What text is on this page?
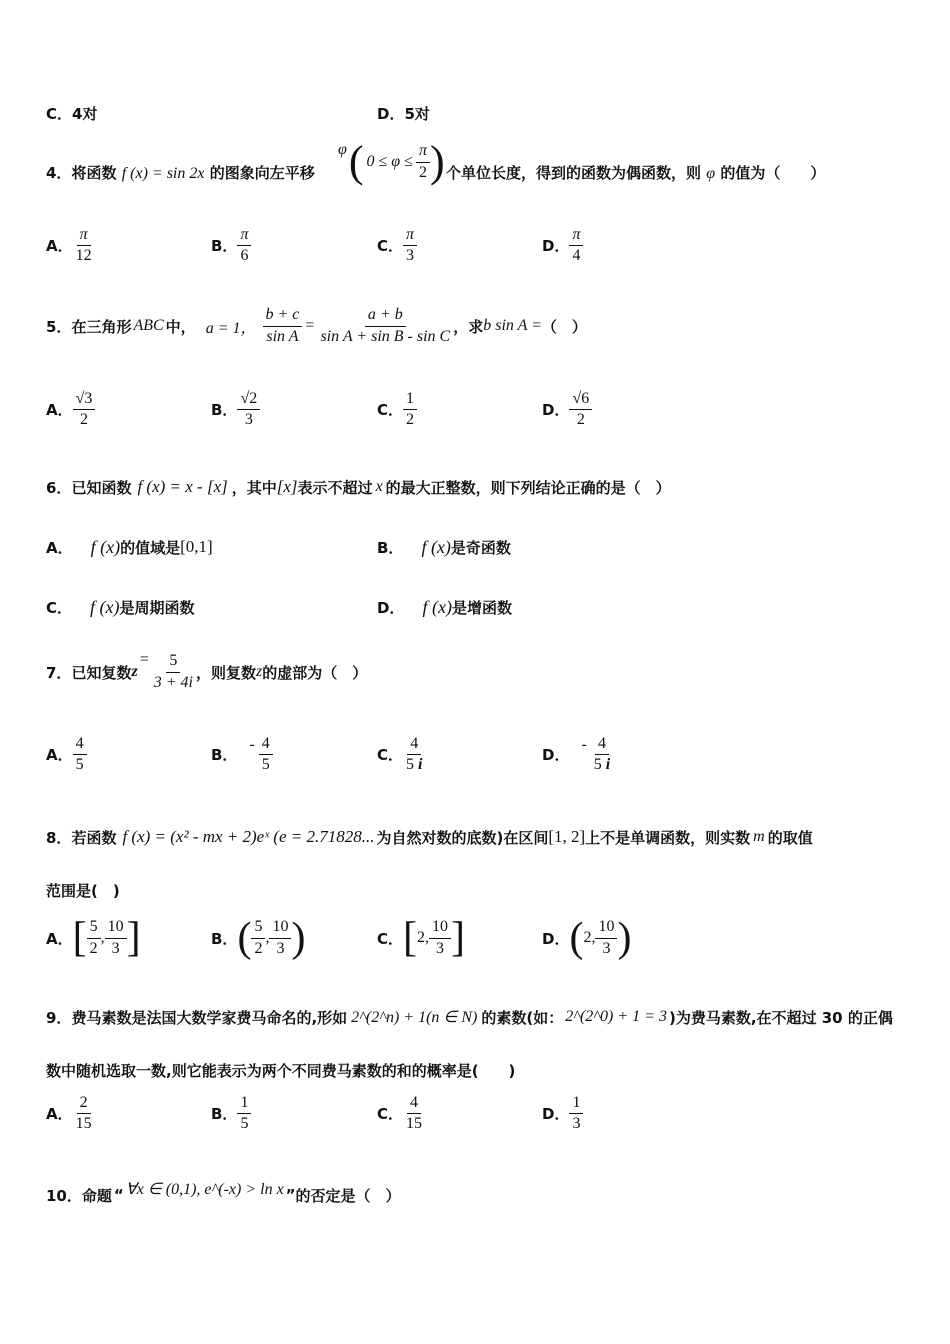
C．4对	D．5对
4．将函数 f (x) = sin 2x 的图象向左平移
φ ( $0 \le \varphi \le \frac{\pi}{2}$ ) 个单位长度，得到的函数为偶函数，则 φ 的值为（　　）
A． $\frac{\pi}{12}$	B． $\frac{\pi}{6}$	C． $\frac{\pi}{3}$	D． $\frac{\pi}{4}$
5． 在三角形 ABC 中， a = 1， $\frac{b + c}{\text{sin A}} = \frac{a + b}{\text{sin A + sin B - sin C}}$ ，求 b sin A = （　）
A． $\frac{√3}{2}$	B． $\frac{√2}{3}$	C． $\frac{1}{2}$	D． $\frac{√6}{2}$
6． 已知函数 f (x) = x - [x] ，其中 [x] 表示不超过 x 的最大正整数，则下列结论正确的是（　）
A． f (x) 的值域是 [0,1]	B． f (x) 是奇函数
C． f (x) 是周期函数	D． f (x) 是增函数
7． 已知复数 z
= $\frac{5}{3 + 4i}$ ，则复数 z 的虚部为（　）
A． $\frac{4}{5}$	B．
- $\frac{4}{5}$	C． $\frac{4}{5 i}$	D．
- $\frac{4}{5 i}$
8． 若函数 f (x) = (x² - mx + 2)eˣ (e = 2.71828... 为自然对数的底数)在区间 [1, 2] 上不是单调函数，则实数 m 的取值
范围是(　)
A． [ $\frac{5}{2}$ , $\frac{10}{3}$ ]	B． ( $\frac{5}{2}$ , $\frac{10}{3}$ )	C． [ 2, $\frac{10}{3}$ ]	D． ( 2, $\frac{10}{3}$ )
9． 费马素数是法国大数学家费马命名的,形如 2^(2^n) + 1(n ∈ N) 的素数(如： 2^(2^0) + 1 = 3 )为费马素数,在不超过 30 的正偶
数中随机选取一数,则它能表示为两个不同费马素数的和的概率是(　　)
A． $\frac{2}{15}$	B． $\frac{1}{5}$	C． $\frac{4}{15}$	D． $\frac{1}{3}$
10． 命题 “ ∀x ∈ (0,1), e^(-x) > ln x ” 的否定是（　）
